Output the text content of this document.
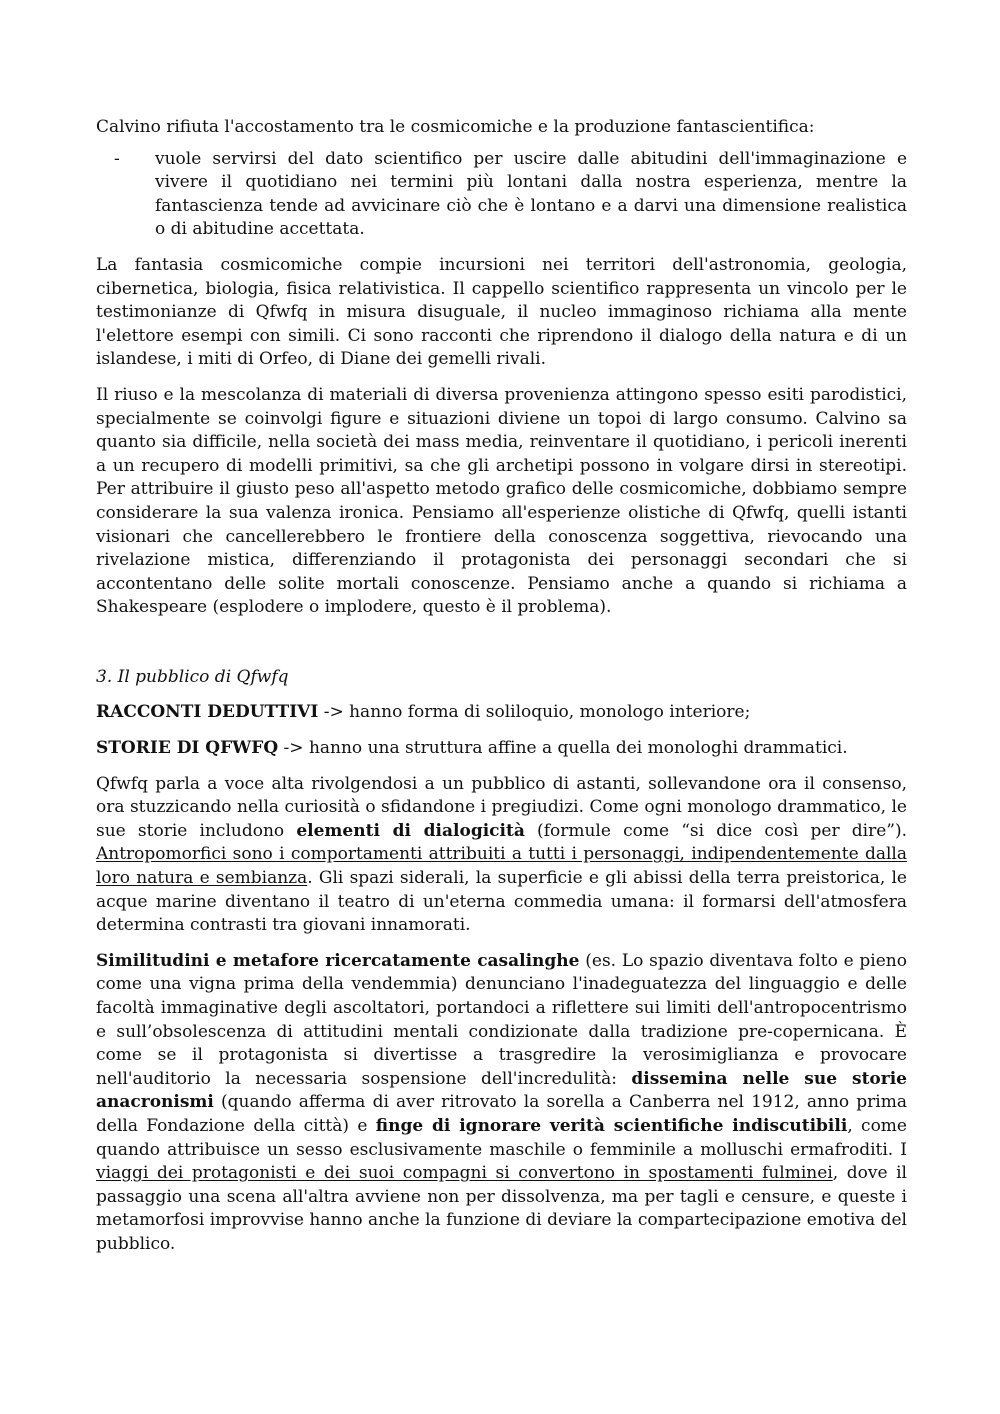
Calvino rifiuta l'accostamento tra le cosmicomiche e la produzione fantascientifica:

- vuole servirsi del dato scientifico per uscire dalle abitudini dell'immaginazione e vivere il quotidiano nei termini più lontani dalla nostra esperienza, mentre la fantascienza tende ad avvicinare ciò che è lontano e a darvi una dimensione realistica o di abitudine accettata.

La fantasia cosmicomiche compie incursioni nei territori dell'astronomia, geologia, cibernetica, biologia, fisica relativistica. Il cappello scientifico rappresenta un vincolo per le testimonianze di Qfwfq in misura disuguale, il nucleo immaginoso richiama alla mente l'elettore esempi con simili. Ci sono racconti che riprendono il dialogo della natura e di un islandese, i miti di Orfeo, di Diane dei gemelli rivali.

Il riuso e la mescolanza di materiali di diversa provenienza attingono spesso esiti parodistici, specialmente se coinvolgi figure e situazioni diviene un topoi di largo consumo. Calvino sa quanto sia difficile, nella società dei mass media, reinventare il quotidiano, i pericoli inerenti a un recupero di modelli primitivi, sa che gli archetipi possono in volgare dirsi in stereotipi. Per attribuire il giusto peso all'aspetto metodo grafico delle cosmicomiche, dobbiamo sempre considerare la sua valenza ironica. Pensiamo all'esperienze olistiche di Qfwfq, quelli istanti visionari che cancellerebbero le frontiere della conoscenza soggettiva, rievocando una rivelazione mistica, differenziando il protagonista dei personaggi secondari che si accontentano delle solite mortali conoscenze. Pensiamo anche a quando si richiama a Shakespeare (esplodere o implodere, questo è il problema).

3. Il pubblico di Qfwfq

RACCONTI DEDUTTIVI -> hanno forma di soliloquio, monologo interiore;

STORIE DI QFWFQ -> hanno una struttura affine a quella dei monologhi drammatici.

Qfwfq parla a voce alta rivolgendosi a un pubblico di astanti, sollevandone ora il consenso, ora stuzzicando nella curiosità o sfidandone i pregiudizi. Come ogni monologo drammatico, le sue storie includono elementi di dialogicità (formule come “si dice così per dire”). Antropomorfici sono i comportamenti attribuiti a tutti i personaggi, indipendentemente dalla loro natura e sembianza. Gli spazi siderali, la superficie e gli abissi della terra preistorica, le acque marine diventano il teatro di un'eterna commedia umana: il formarsi dell'atmosfera determina contrasti tra giovani innamorati.

Similitudini e metafore ricercatamente casalinghe (es. Lo spazio diventava folto e pieno come una vigna prima della vendemmia) denunciano l'inadeguatezza del linguaggio e delle facoltà immaginative degli ascoltatori, portandoci a riflettere sui limiti dell'antropocentrismo e sull’obsolescenza di attitudini mentali condizionate dalla tradizione pre-copernicana. È come se il protagonista si divertisse a trasgredire la verosimiglianza e provocare nell'auditorio la necessaria sospensione dell'incredulità: dissemina nelle sue storie anacronismi (quando afferma di aver ritrovato la sorella a Canberra nel 1912, anno prima della Fondazione della città) e finge di ignorare verità scientifiche indiscutibili, come quando attribuisce un sesso esclusivamente maschile o femminile a molluschi ermafroditi. I viaggi dei protagonisti e dei suoi compagni si convertono in spostamenti fulminei, dove il passaggio una scena all'altra avviene non per dissolvenza, ma per tagli e censure, e queste i metamorfosi improvvise hanno anche la funzione di deviare la compartecipazione emotiva del pubblico.
